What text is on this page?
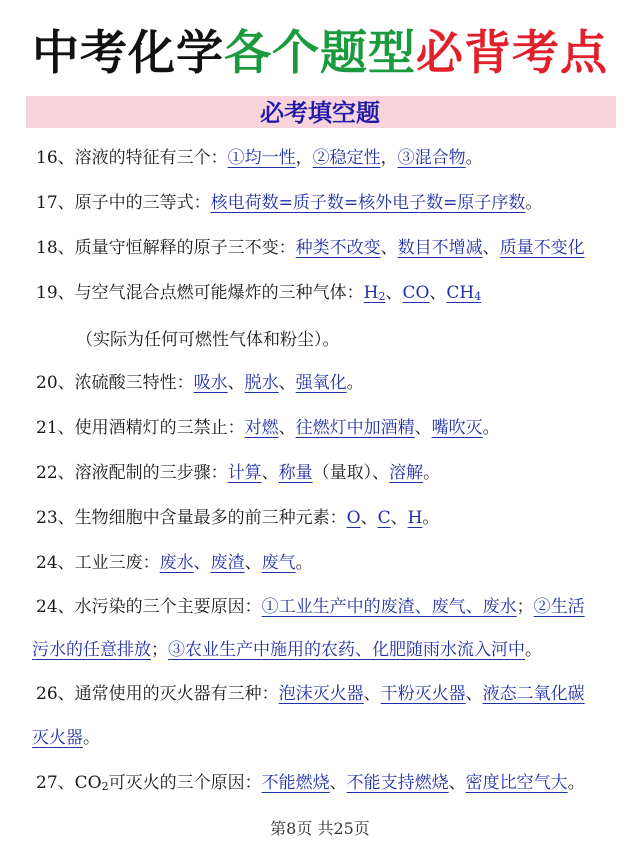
中考化学各个题型必背考点
必考填空题
16、溶液的特征有三个：①均一性，②稳定性，③混合物。
17、原子中的三等式：核电荷数=质子数=核外电子数=原子序数。
18、质量守恒解释的原子三不变：种类不改变、数目不增减、质量不变化
19、与空气混合点燃可能爆炸的三种气体：H2、CO、CH4
（实际为任何可燃性气体和粉尘）。
20、浓硫酸三特性：吸水、脱水、强氧化。
21、使用酒精灯的三禁止：对燃、往燃灯中加酒精、嘴吹灭。
22、溶液配制的三步骤：计算、称量（量取）、溶解。
23、生物细胞中含量最多的前三种元素：O、C、H。
24、工业三废：废水、废渣、废气。
24、水污染的三个主要原因：①工业生产中的废渣、废气、废水；②生活
污水的任意排放；③农业生产中施用的农药、化肥随雨水流入河中。
26、通常使用的灭火器有三种：泡沫灭火器、干粉灭火器、液态二氧化碳
灭火器。
27、CO2可灭火的三个原因：不能燃烧、不能支持燃烧、密度比空气大。
第8页 共25页
